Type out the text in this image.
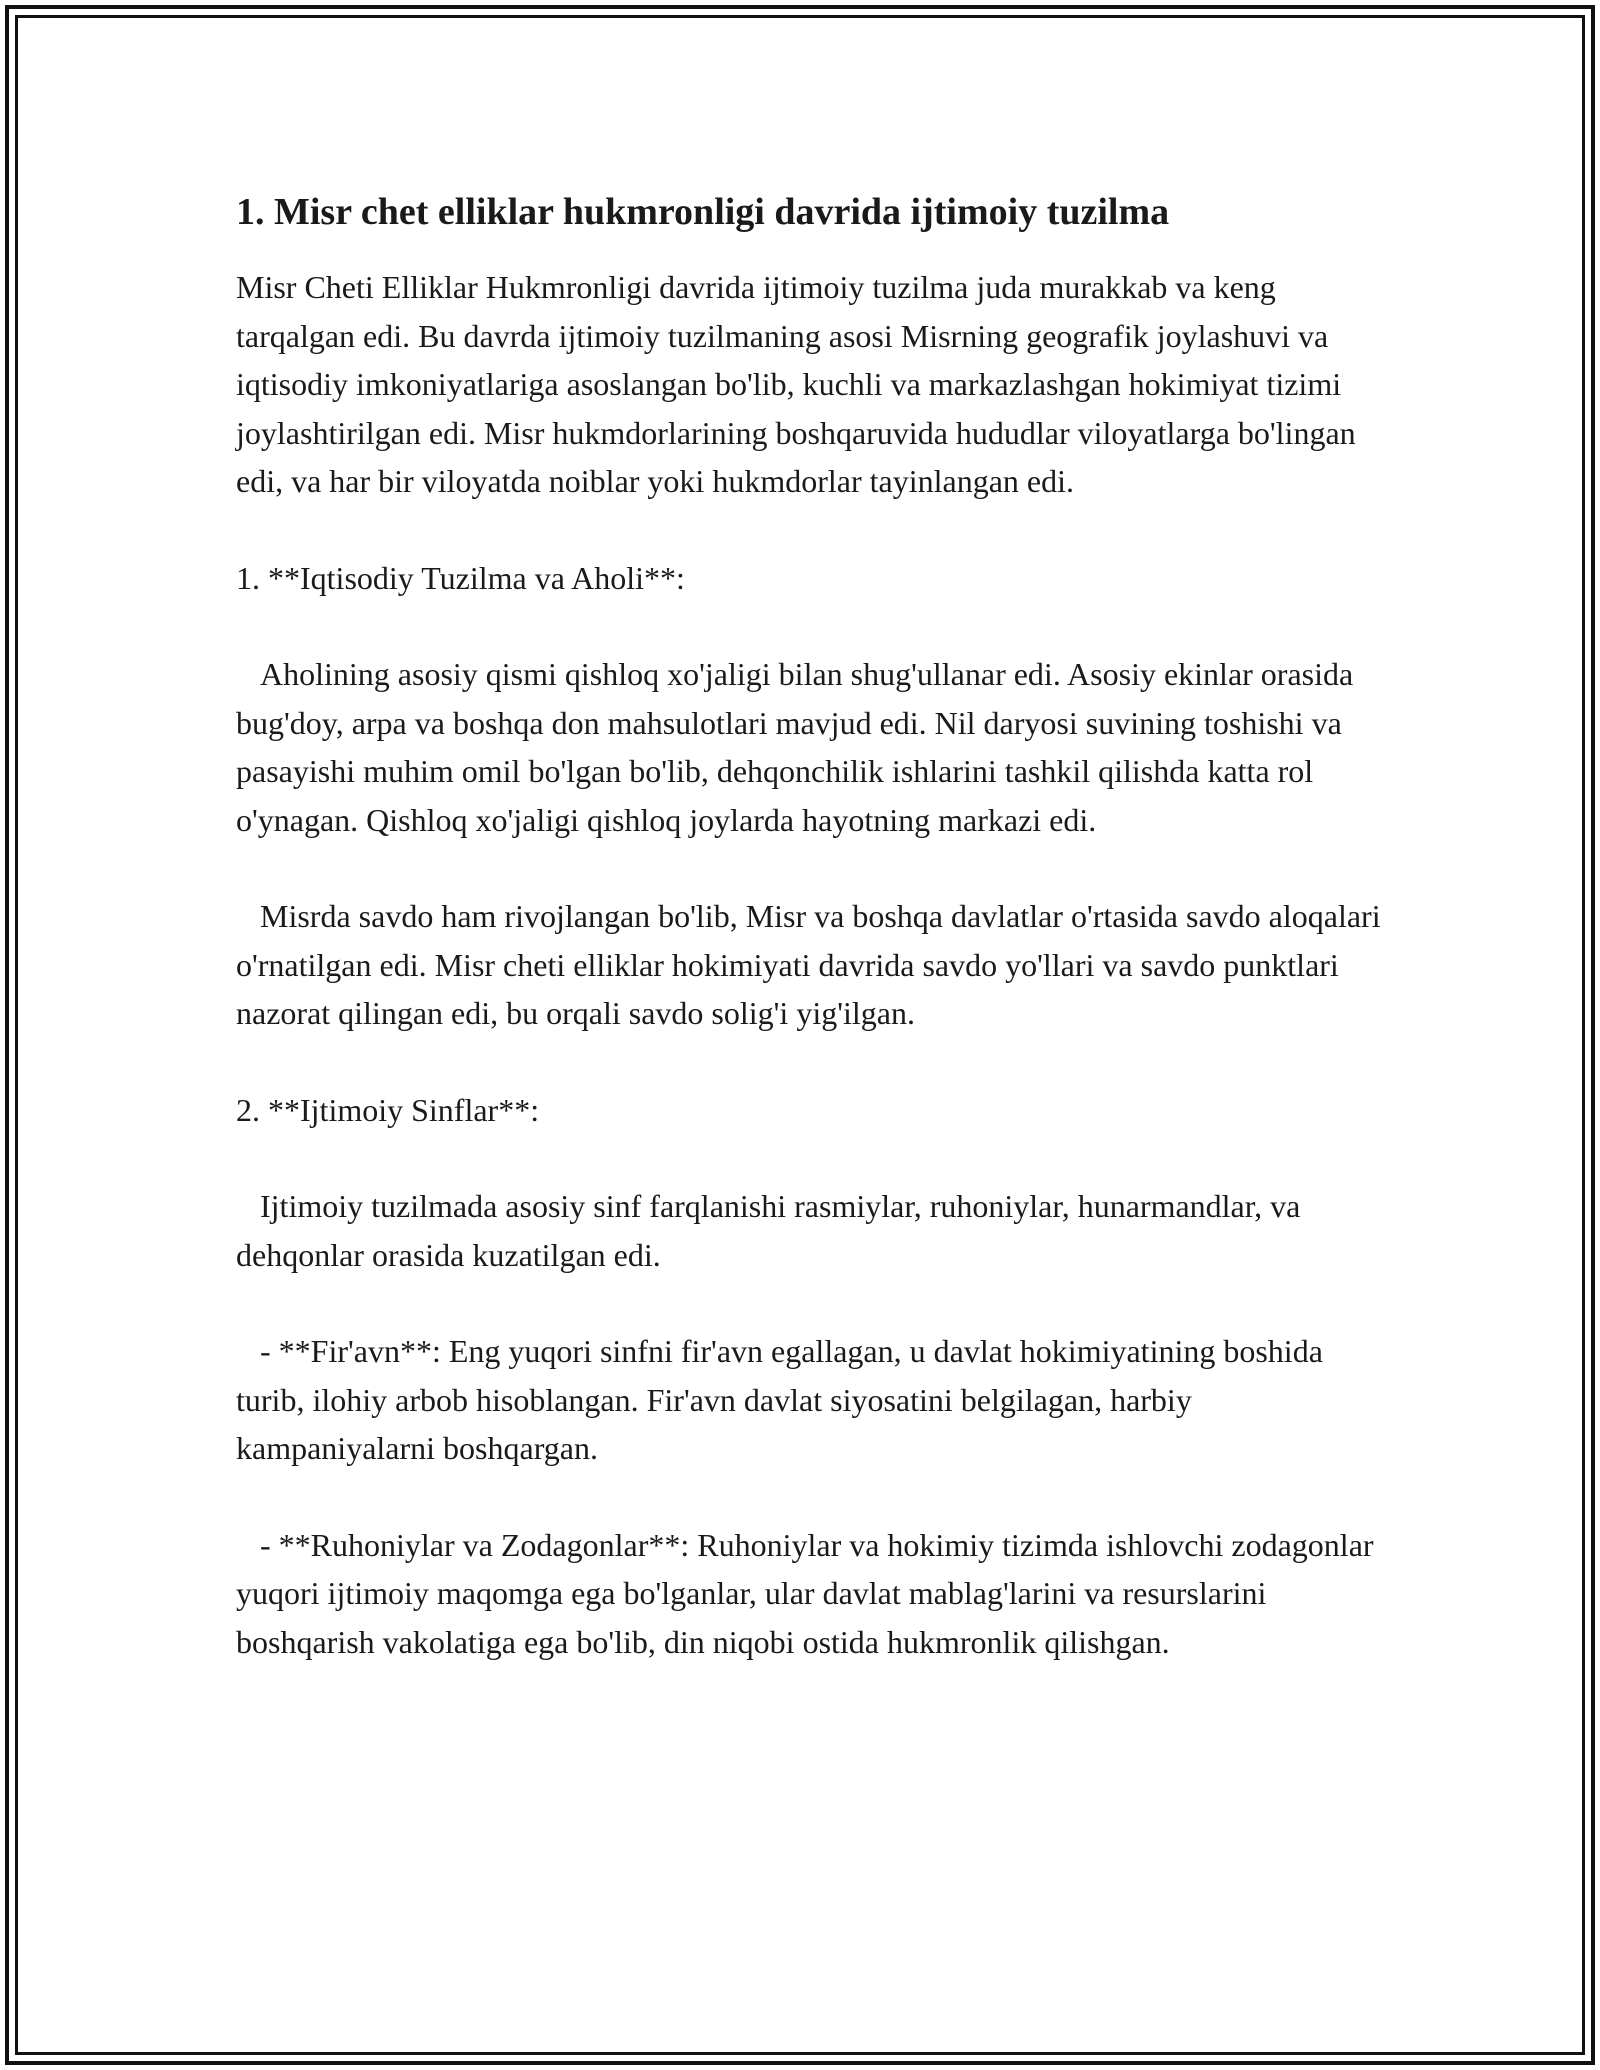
1. Misr chet elliklar hukmronligi davrida ijtimoiy tuzilma

Misr Cheti Elliklar Hukmronligi davrida ijtimoiy tuzilma juda murakkab va keng tarqalgan edi. Bu davrda ijtimoiy tuzilmaning asosi Misrning geografik joylashuvi va iqtisodiy imkoniyatlariga asoslangan bo'lib, kuchli va markazlashgan hokimiyat tizimi joylashtirilgan edi. Misr hukmdorlarining boshqaruvida hududlar viloyatlarga bo'lingan edi, va har bir viloyatda noiblar yoki hukmdorlar tayinlangan edi.

1. **Iqtisodiy Tuzilma va Aholi**:

Aholining asosiy qismi qishloq xo'jaligi bilan shug'ullanar edi. Asosiy ekinlar orasida bug'doy, arpa va boshqa don mahsulotlari mavjud edi. Nil daryosi suvining toshishi va pasayishi muhim omil bo'lgan bo'lib, dehqonchilik ishlarini tashkil qilishda katta rol o'ynagan. Qishloq xo'jaligi qishloq joylarda hayotning markazi edi.

Misrda savdo ham rivojlangan bo'lib, Misr va boshqa davlatlar o'rtasida savdo aloqalari o'rnatilgan edi. Misr cheti elliklar hokimiyati davrida savdo yo'llari va savdo punktlari nazorat qilingan edi, bu orqali savdo solig'i yig'ilgan.

2. **Ijtimoiy Sinflar**:

Ijtimoiy tuzilmada asosiy sinf farqlanishi rasmiylar, ruhoniylar, hunarmandlar, va dehqonlar orasida kuzatilgan edi.

- **Fir'avn**: Eng yuqori sinfni fir'avn egallagan, u davlat hokimiyatining boshida turib, ilohiy arbob hisoblangan. Fir'avn davlat siyosatini belgilagan, harbiy kampaniyalarni boshqargan.

- **Ruhoniylar va Zodagonlar**: Ruhoniylar va hokimiy tizimda ishlovchi zodagonlar yuqori ijtimoiy maqomga ega bo'lganlar, ular davlat mablag'larini va resurslarini boshqarish vakolatiga ega bo'lib, din niqobi ostida hukmronlik qilishgan.
